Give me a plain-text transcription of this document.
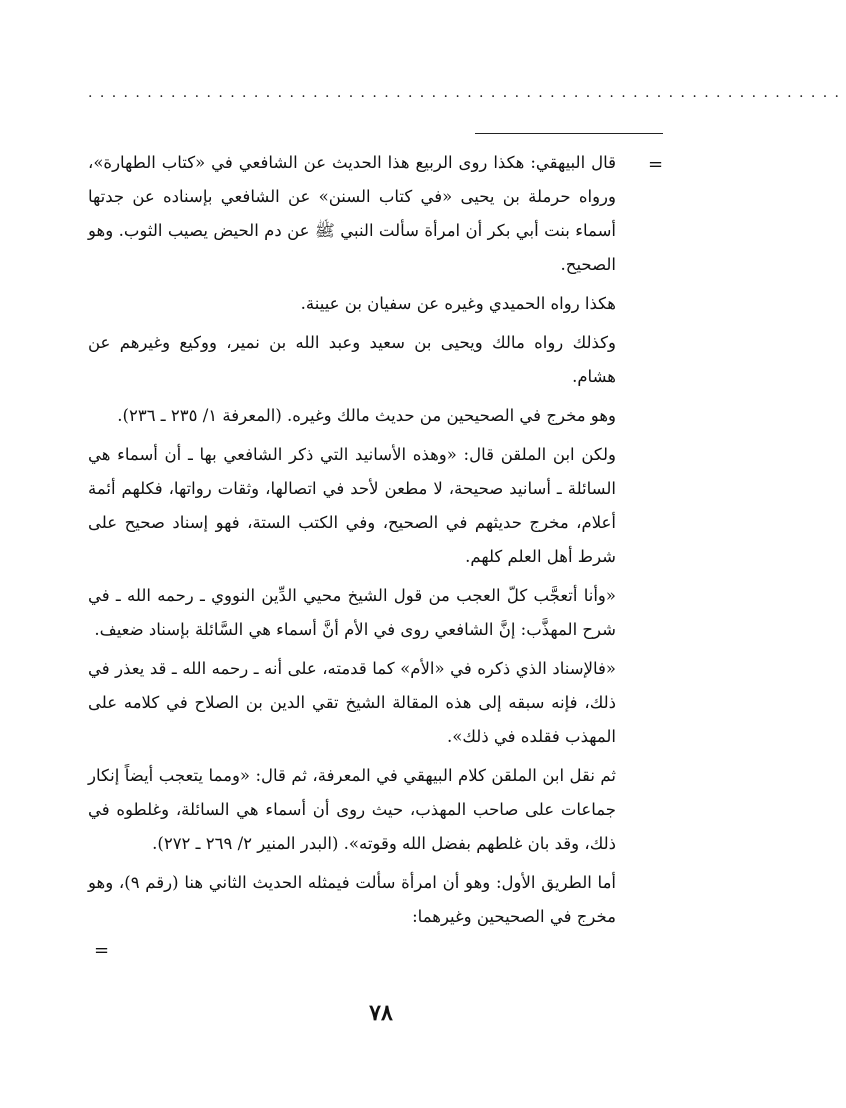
................................................................
=

قال البيهقي: هكذا روى الربيع هذا الحديث عن الشافعي في «كتاب الطهارة»، ورواه حرملة بن يحيى «في كتاب السنن» عن الشافعي بإسناده عن جدتها أسماء بنت أبي بكر أن امرأة سألت النبي ﷺ عن دم الحيض يصيب الثوب. وهو الصحيح.

هكذا رواه الحميدي وغيره عن سفيان بن عيينة.

وكذلك رواه مالك ويحيى بن سعيد وعبد الله بن نمير، ووكيع وغيرهم عن هشام.

وهو مخرج في الصحيحين من حديث مالك وغيره. (المعرفة ١/ ٢٣٥ ـ ٢٣٦).

ولكن ابن الملقن قال: «وهذه الأسانيد التي ذكر الشافعي بها ـ أن أسماء هي السائلة ـ أسانيد صحيحة، لا مطعن لأحد في اتصالها، وثقات رواتها، فكلهم أئمة أعلام، مخرج حديثهم في الصحيح، وفي الكتب الستة، فهو إسناد صحيح على شرط أهل العلم كلهم.

«وأنا أتعجَّب كلّ العجب من قول الشيخ محيي الدِّين النووي ـ رحمه الله ـ في شرح المهذَّب: إنَّ الشافعي روى في الأم أنَّ أسماء هي السَّائلة بإسناد ضعيف.

«فالإسناد الذي ذكره في «الأم» كما قدمته، على أنه ـ رحمه الله ـ قد يعذر في ذلك، فإنه سبقه إلى هذه المقالة الشيخ تقي الدين بن الصلاح في كلامه على المهذب فقلده في ذلك».

ثم نقل ابن الملقن كلام البيهقي في المعرفة، ثم قال: «ومما يتعجب أيضاً إنكار جماعات على صاحب المهذب، حيث روى أن أسماء هي السائلة، وغلطوه في ذلك، وقد بان غلطهم بفضل الله وقوته». (البدر المنير ٢/ ٢٦٩ ـ ٢٧٢).

أما الطريق الأول: وهو أن امرأة سألت فيمثله الحديث الثاني هنا (رقم ٩)، وهو مخرج في الصحيحين وغيرهما:

=
٧٨
